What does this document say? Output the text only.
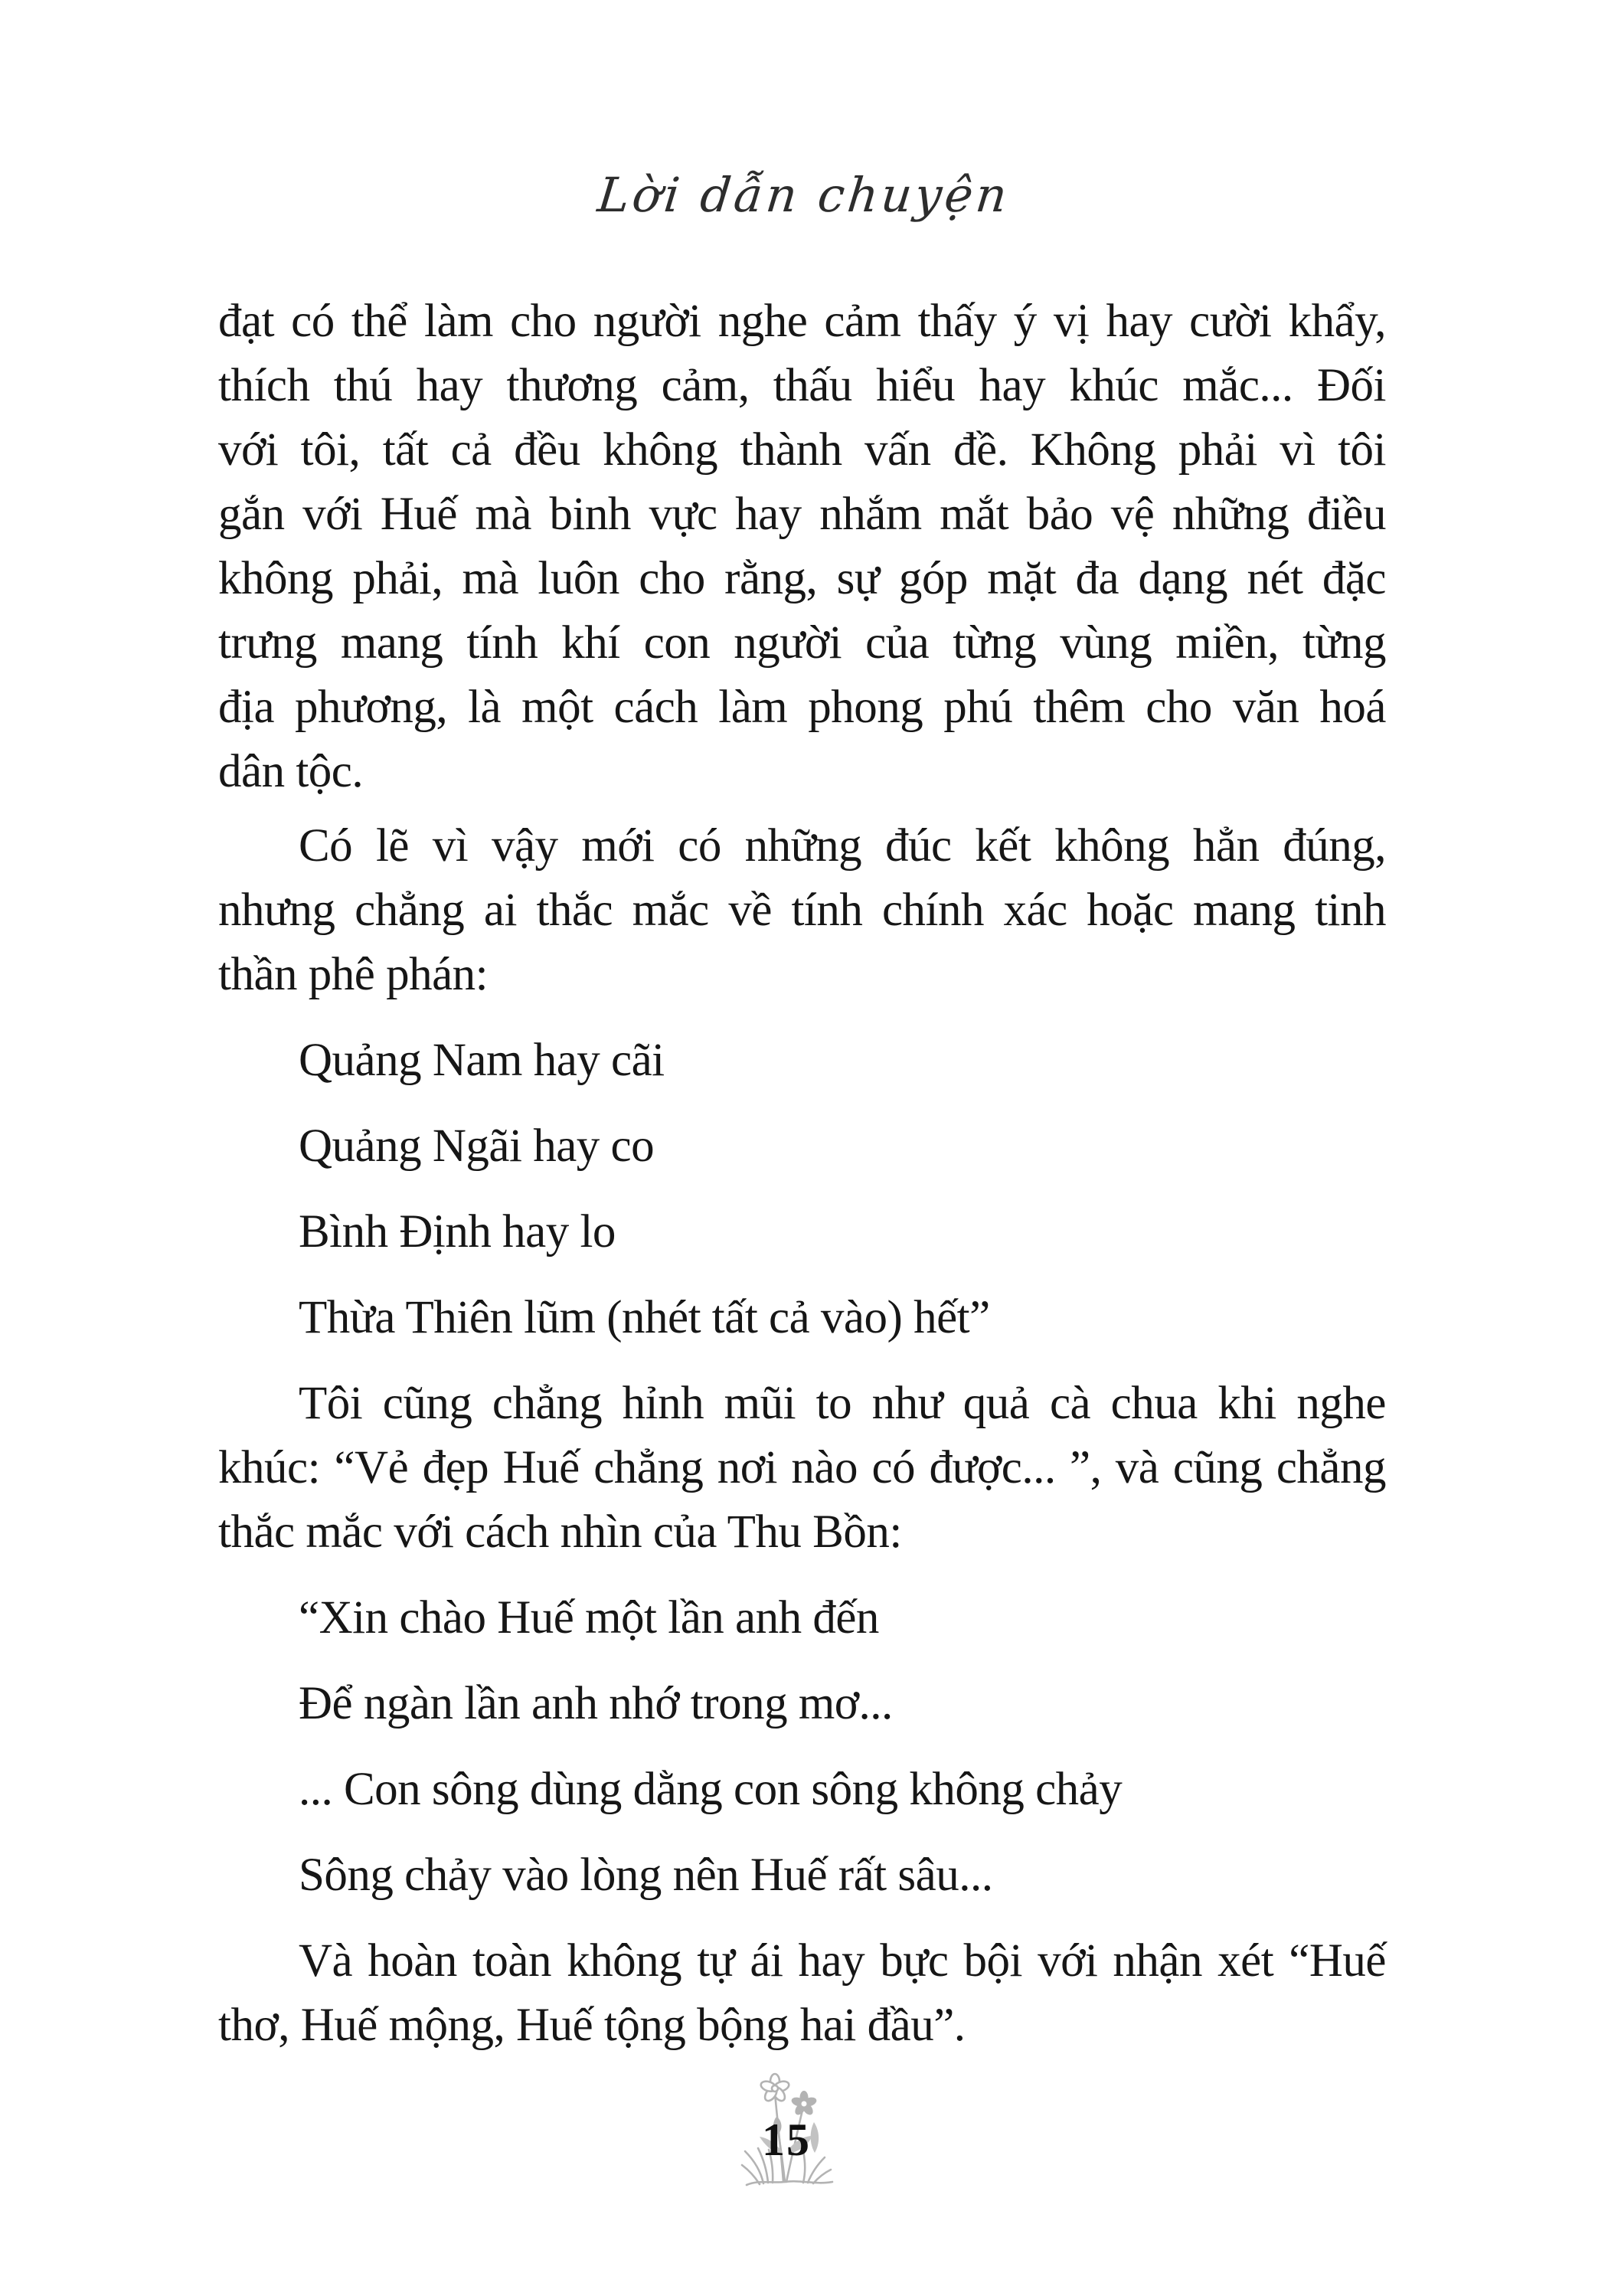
Lời dẫn chuyện
đạt có thể làm cho người nghe cảm thấy ý vị hay cười khẩy,
thích thú hay thương cảm, thấu hiểu hay khúc mắc... Đối
với tôi, tất cả đều không thành vấn đề. Không phải vì tôi
gắn với Huế mà binh vực hay nhắm mắt bảo vệ những điều
không phải, mà luôn cho rằng, sự góp mặt đa dạng nét đặc
trưng mang tính khí con người của từng vùng miền, từng
địa phương, là một cách làm phong phú thêm cho văn hoá
dân tộc.
Có lẽ vì vậy mới có những đúc kết không hẳn đúng,
nhưng chẳng ai thắc mắc về tính chính xác hoặc mang tinh
thần phê phán:
Quảng Nam hay cãi
Quảng Ngãi hay co
Bình Định hay lo
Thừa Thiên lũm (nhét tất cả vào) hết”
Tôi cũng chẳng hỉnh mũi to như quả cà chua khi nghe
khúc: “Vẻ đẹp Huế chẳng nơi nào có được... ”, và cũng chẳng
thắc mắc với cách nhìn của Thu Bồn:
“Xin chào Huế một lần anh đến
Để ngàn lần anh nhớ trong mơ...
... Con sông dùng dằng con sông không chảy
Sông chảy vào lòng nên Huế rất sâu...
Và hoàn toàn không tự ái hay bực bội với nhận xét “Huế
thơ, Huế mộng, Huế tộng bộng hai đầu”.
15
